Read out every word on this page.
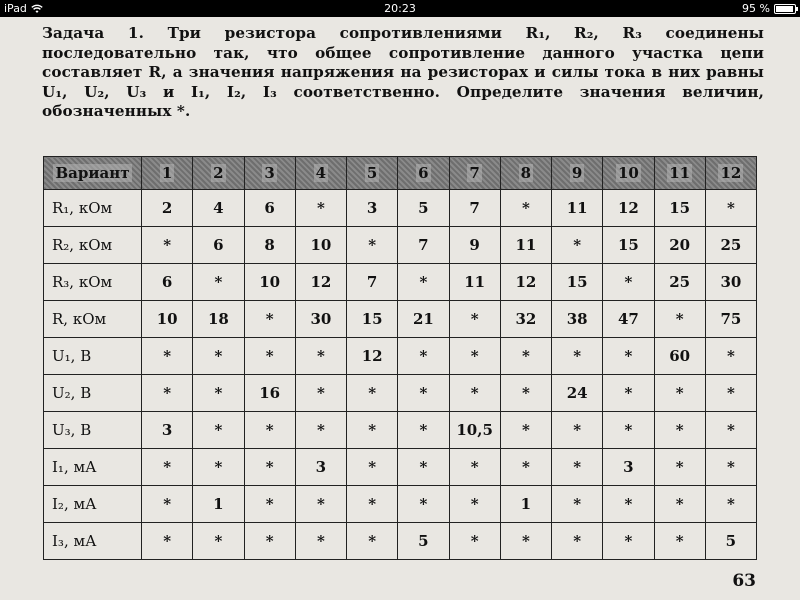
iPad	20:23	95 %
Задача 1. Три резистора сопротивлениями R₁, R₂, R₃ соединены последовательно так, что общее сопротивление данного участка цепи составляет R, а значения напряжения на резисторах и силы тока в них равны U₁, U₂, U₃ и I₁, I₂, I₃ соответственно. Определите значения величин, обозначенных *.
Вариант	1	2	3	4	5	6	7	8	9	10	11	12
R₁, кОм	2	4	6	*	3	5	7	*	11	12	15	*
R₂, кОм	*	6	8	10	*	7	9	11	*	15	20	25
R₃, кОм	6	*	10	12	7	*	11	12	15	*	25	30
R, кОм	10	18	*	30	15	21	*	32	38	47	*	75
U₁, В	*	*	*	*	12	*	*	*	*	*	60	*
U₂, В	*	*	16	*	*	*	*	*	24	*	*	*
U₃, В	3	*	*	*	*	*	10,5	*	*	*	*	*
I₁, мА	*	*	*	3	*	*	*	*	*	3	*	*
I₂, мА	*	1	*	*	*	*	*	1	*	*	*	*
I₃, мА	*	*	*	*	*	5	*	*	*	*	*	5
63
